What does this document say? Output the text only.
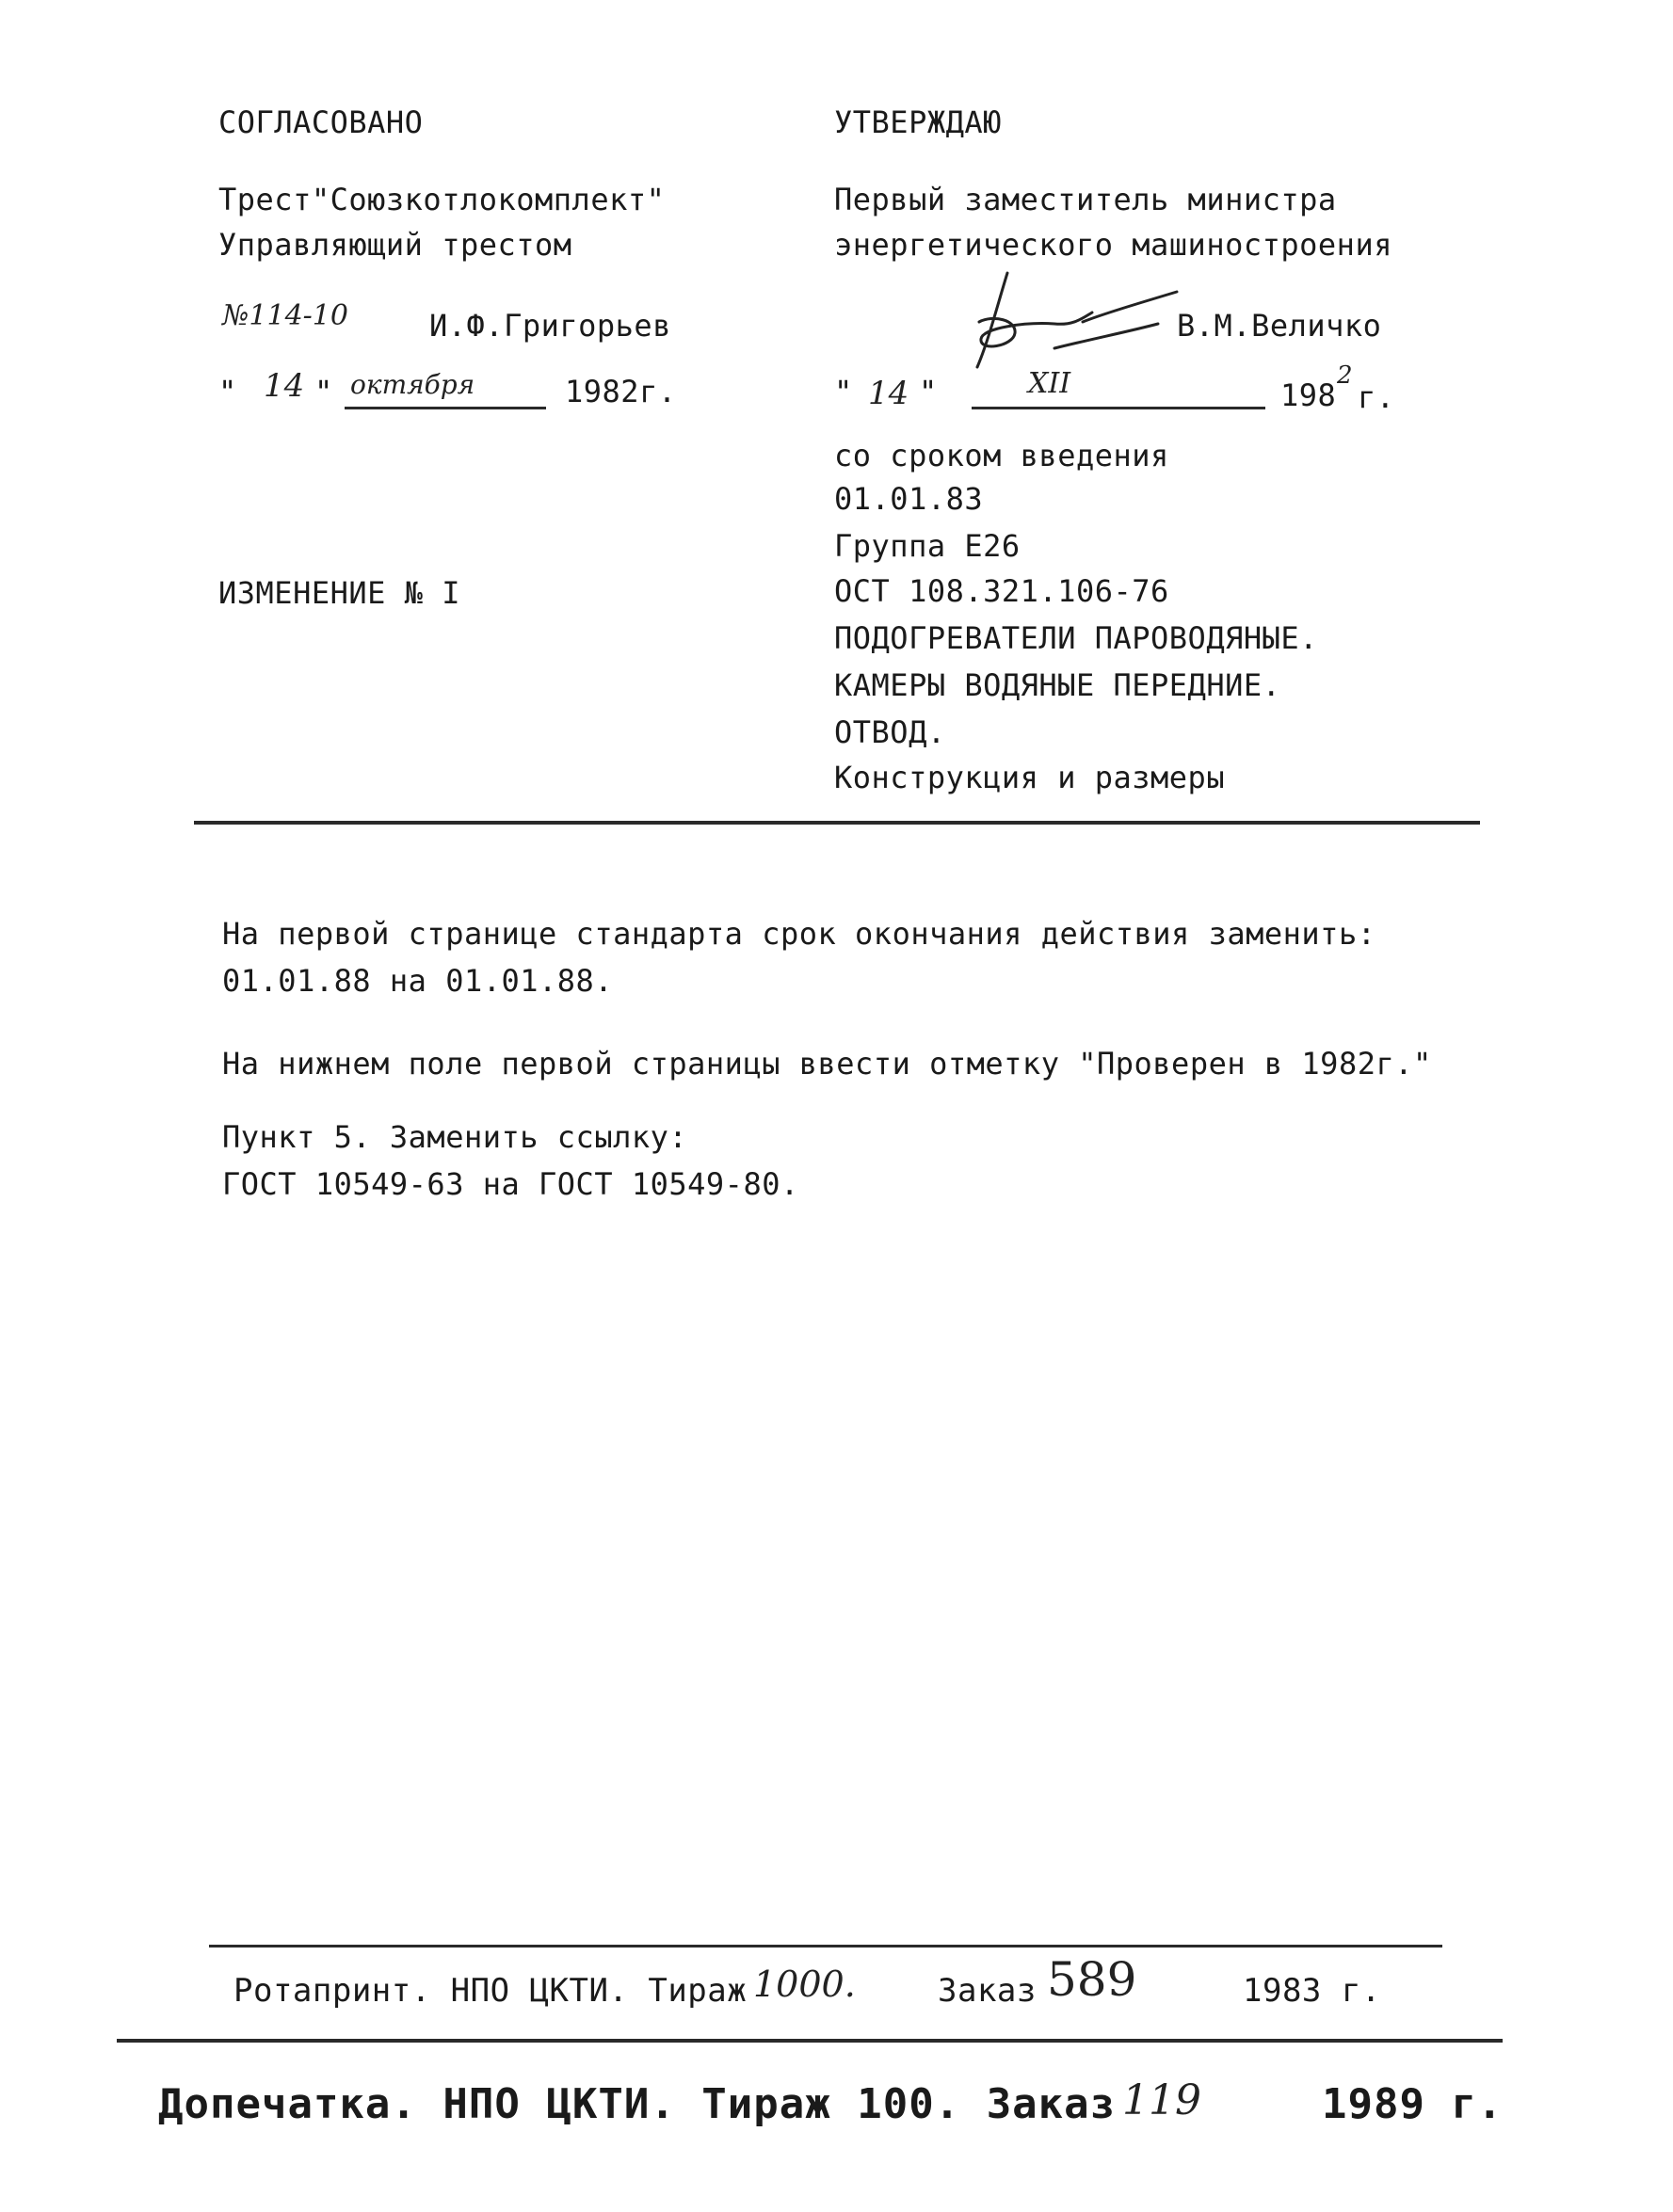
СОГЛАСОВАНО
Трест"Союзкотлокомплект"
Управляющий трестом
№114-10	И.Ф.Григорьев
" 14 " октября	1982г.
ИЗМЕНЕНИЕ № I
УТВЕРЖДАЮ
Первый заместитель министра
энергетического машиностроения
В.М.Величко
" 14 "	XII	198
2
г.
со сроком введения
01.01.83
Группа Е26
ОСТ 108.321.106-76
ПОДОГРЕВАТЕЛИ ПАРОВОДЯНЫЕ.
КАМЕРЫ ВОДЯНЫЕ ПЕРЕДНИЕ.
ОТВОД.
Конструкция и размеры
На первой странице стандарта срок окончания действия заменить:
01.01.88 на 01.01.88.
На нижнем поле первой страницы ввести отметку "Проверен в 1982г."
Пункт 5. Заменить ссылку:
ГОСТ 10549-63 на ГОСТ 10549-80.
Ротапринт. НПО ЦКТИ. Тираж 1000.	Заказ 589	1983 г.
Допечатка. НПО ЦКТИ. Тираж 100. Заказ 119	1989 г.
